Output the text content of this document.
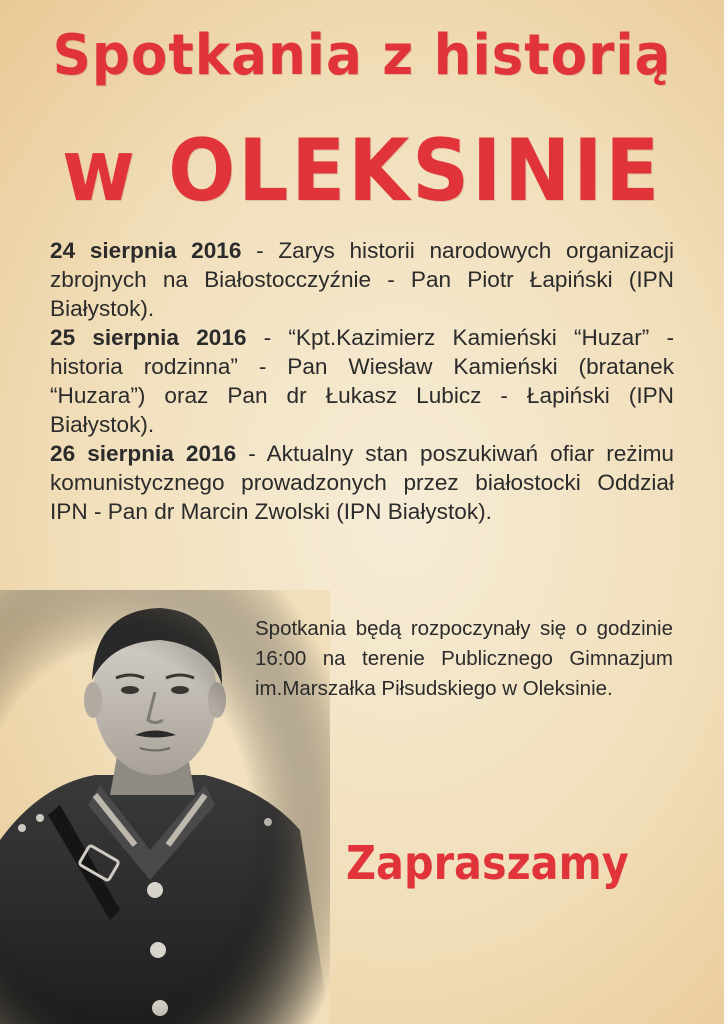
Spotkania z historią
w OLEKSINIE

24 sierpnia 2016 - Zarys historii narodowych organizacji zbrojnych na Białostocczyźnie - Pan Piotr Łapiński (IPN Białystok).

25 sierpnia 2016 - “Kpt.Kazimierz Kamieński “Huzar” - historia rodzinna” - Pan Wiesław Kamieński (bratanek “Huzara”) oraz Pan dr Łukasz Lubicz - Łapiński (IPN Białystok).

26 sierpnia 2016 - Aktualny stan poszukiwań ofiar reżimu komunistycznego prowadzonych przez białostocki Oddział IPN - Pan dr Marcin Zwolski (IPN Białystok).

Spotkania będą rozpoczynały się o godzinie 16:00 na terenie Publicznego Gimnazjum im.Marszałka Piłsudskiego w Oleksinie.
Zapraszamy
